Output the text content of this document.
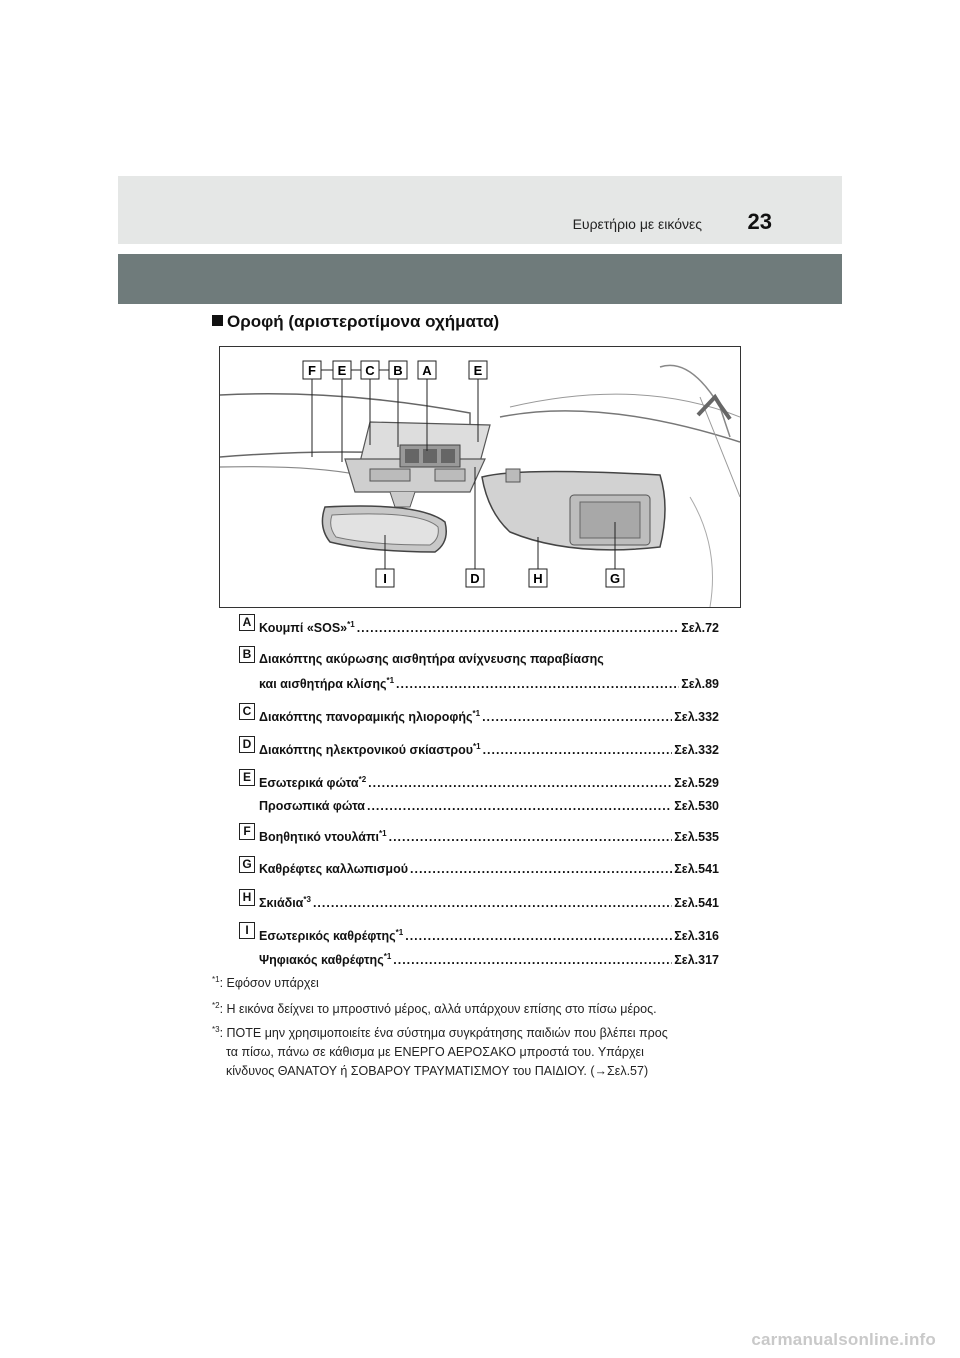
Ευρετήριο με εικόνες 23
Οροφή (αριστεροτίμονα οχήματα)
F E C B A	E
I	D	H	G
A Κουμπί «SOS»$^{*1}$ .....	Σελ.72
B Διακόπτης ακύρωσης αισθητήρα ανίχνευσης παραβίασης
και αισθητήρα κλίσης$^{*1}$ .....	Σελ.89
C Διακόπτης πανοραμικής ηλιοροφής$^{*1}$ .....	Σελ.332
D Διακόπτης ηλεκτρονικού σκίαστρου$^{*1}$ .....	Σελ.332
E Εσωτερικά φώτα$^{*2}$ .....	Σελ.529
Προσωπικά φώτα .....	Σελ.530
F Βοηθητικό ντουλάπι$^{*1}$ .....	Σελ.535
G Καθρέφτες καλλωπισμού .....	Σελ.541
H Σκιάδια$^{*3}$ .....	Σελ.541
I Εσωτερικός καθρέφτης$^{*1}$ .....	Σελ.316
Ψηφιακός καθρέφτης$^{*1}$ .....	Σελ.317
$^{*1}$: Εφόσον υπάρχει
$^{*2}$: Η εικόνα δείχνει το μπροστινό μέρος, αλλά υπάρχουν επίσης στο πίσω μέρος.
$^{*3}$: ΠΟΤΕ μην χρησιμοποιείτε ένα σύστημα συγκράτησης παιδιών που βλέπει προς
τα πίσω, πάνω σε κάθισμα με ΕΝΕΡΓΟ ΑΕΡΟΣΑΚΟ μπροστά του. Υπάρχει
κίνδυνος ΘΑΝΑΤΟΥ ή ΣΟΒΑΡΟΥ ΤΡΑΥΜΑΤΙΣΜΟΥ του ΠΑΙΔΙΟΥ. (→Σελ.57)
carmanualsonline.info
